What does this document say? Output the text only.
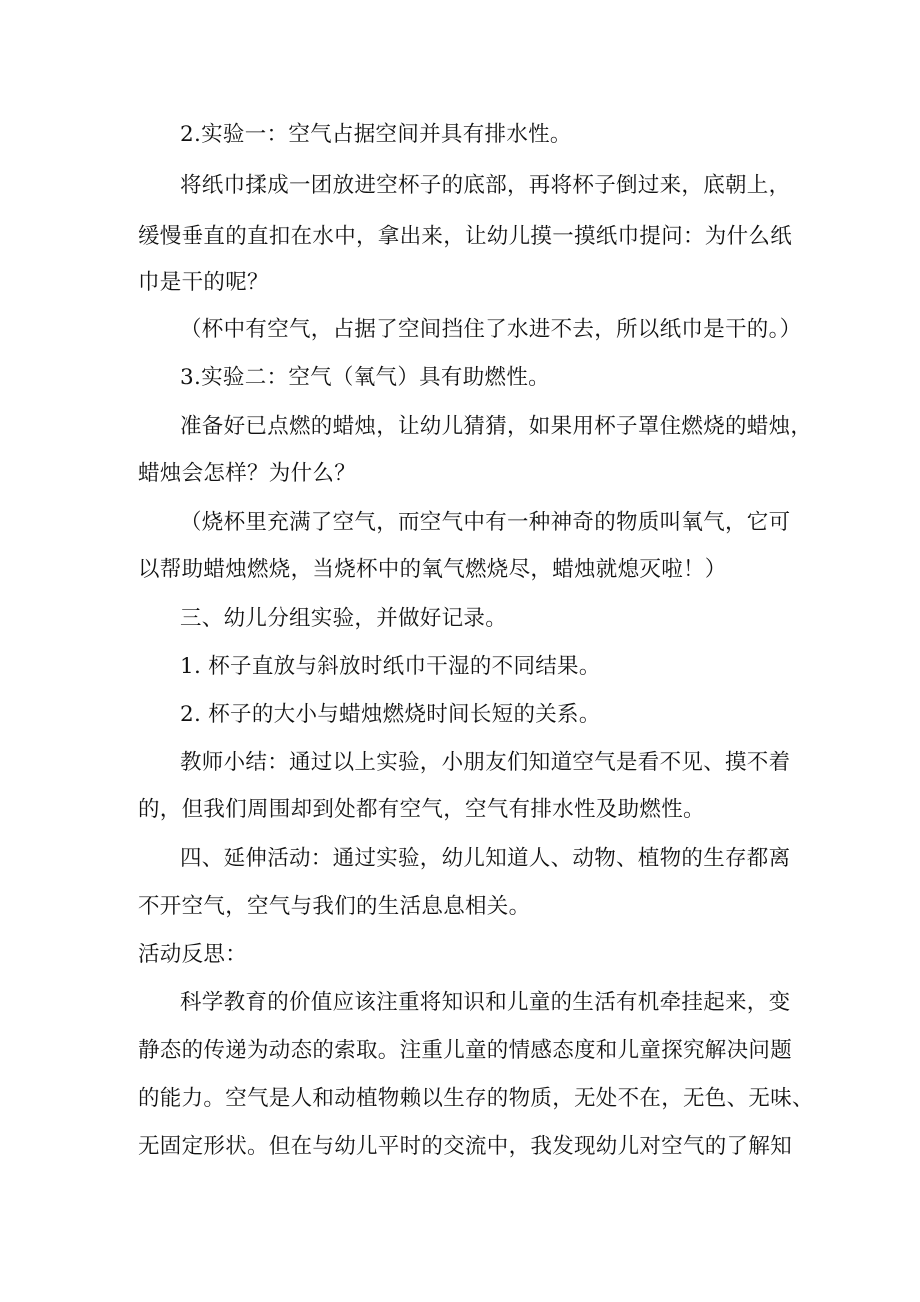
2.实验一：空气占据空间并具有排水性。
将纸巾揉成一团放进空杯子的底部，再将杯子倒过来，底朝上，
缓慢垂直的直扣在水中，拿出来，让幼儿摸一摸纸巾提问：为什么纸
巾是干的呢？
（杯中有空气，占据了空间挡住了水进不去，所以纸巾是干的。）
3.实验二：空气（氧气）具有助燃性。
准备好已点燃的蜡烛，让幼儿猜猜，如果用杯子罩住燃烧的蜡烛，
蜡烛会怎样？为什么？
（烧杯里充满了空气，而空气中有一种神奇的物质叫氧气，它可
以帮助蜡烛燃烧，当烧杯中的氧气燃烧尽，蜡烛就熄灭啦！）
三、幼儿分组实验，并做好记录。
1. 杯子直放与斜放时纸巾干湿的不同结果。
2. 杯子的大小与蜡烛燃烧时间长短的关系。
教师小结：通过以上实验，小朋友们知道空气是看不见、摸不着
的，但我们周围却到处都有空气，空气有排水性及助燃性。
四、延伸活动：通过实验，幼儿知道人、动物、植物的生存都离
不开空气，空气与我们的生活息息相关。
活动反思：
科学教育的价值应该注重将知识和儿童的生活有机牵挂起来，变
静态的传递为动态的索取。注重儿童的情感态度和儿童探究解决问题
的能力。空气是人和动植物赖以生存的物质，无处不在，无色、无味、
无固定形状。但在与幼儿平时的交流中，我发现幼儿对空气的了解知
